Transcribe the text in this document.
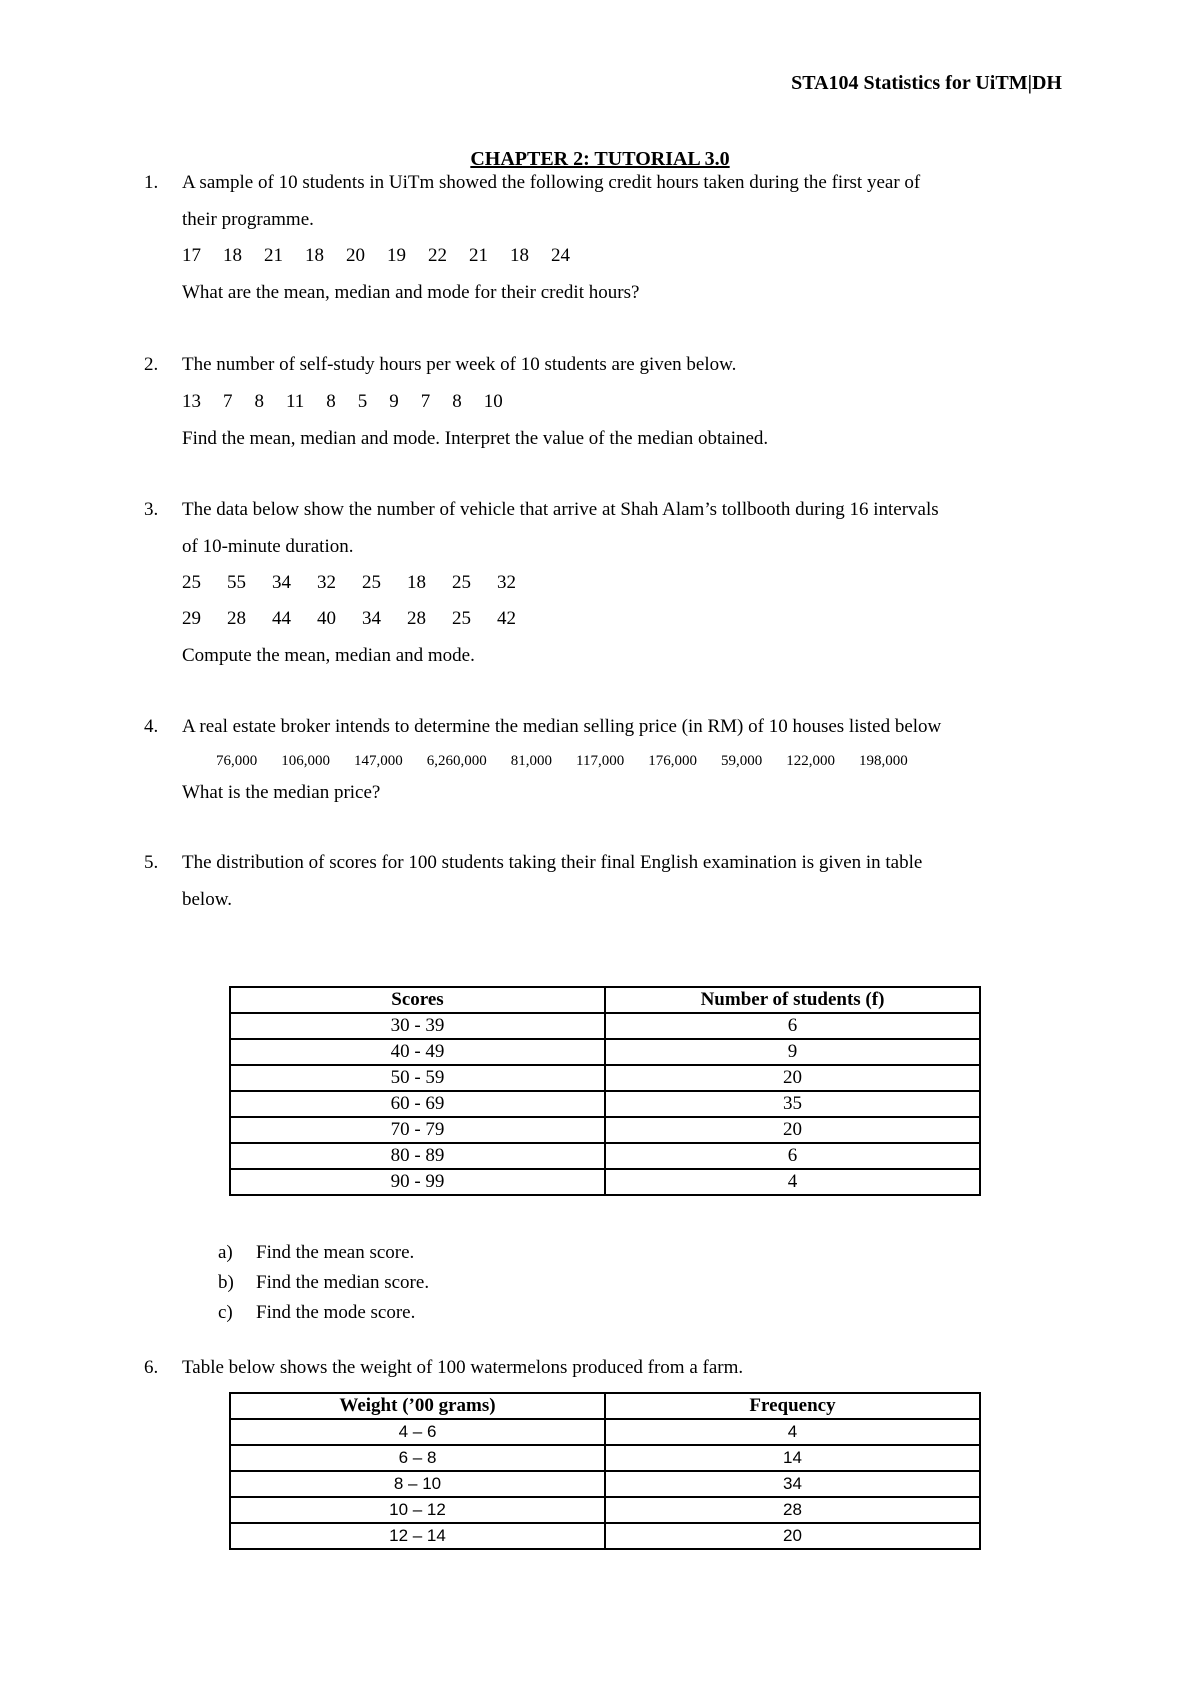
STA104 Statistics for UiTM|DH
CHAPTER 2: TUTORIAL 3.0
1. A sample of 10 students in UiTm showed the following credit hours taken during the first year of
their programme.
17 18 21 18 20 19 22 21 18 24
What are the mean, median and mode for their credit hours?
2. The number of self-study hours per week of 10 students are given below.
13 7 8 11 8 5 9 7 8 10
Find the mean, median and mode. Interpret the value of the median obtained.
3. The data below show the number of vehicle that arrive at Shah Alam’s tollbooth during 16 intervals
of 10-minute duration.
25 55 34 32 25 18 25 32
29 28 44 40 34 28 25 42
Compute the mean, median and mode.
4. A real estate broker intends to determine the median selling price (in RM) of 10 houses listed below
76,000 106,000 147,000 6,260,000 81,000 117,000 176,000 59,000 122,000 198,000
What is the median price?
5. The distribution of scores for 100 students taking their final English examination is given in table
below.
Scores	Number of students (f)
30 - 39	6
40 - 49	9
50 - 59	20
60 - 69	35
70 - 79	20
80 - 89	6
90 - 99	4
a) Find the mean score.
b) Find the median score.
c) Find the mode score.
6. Table below shows the weight of 100 watermelons produced from a farm.
Weight (’00 grams)	Frequency
4 – 6	4
6 – 8	14
8 – 10	34
10 – 12	28
12 – 14	20
